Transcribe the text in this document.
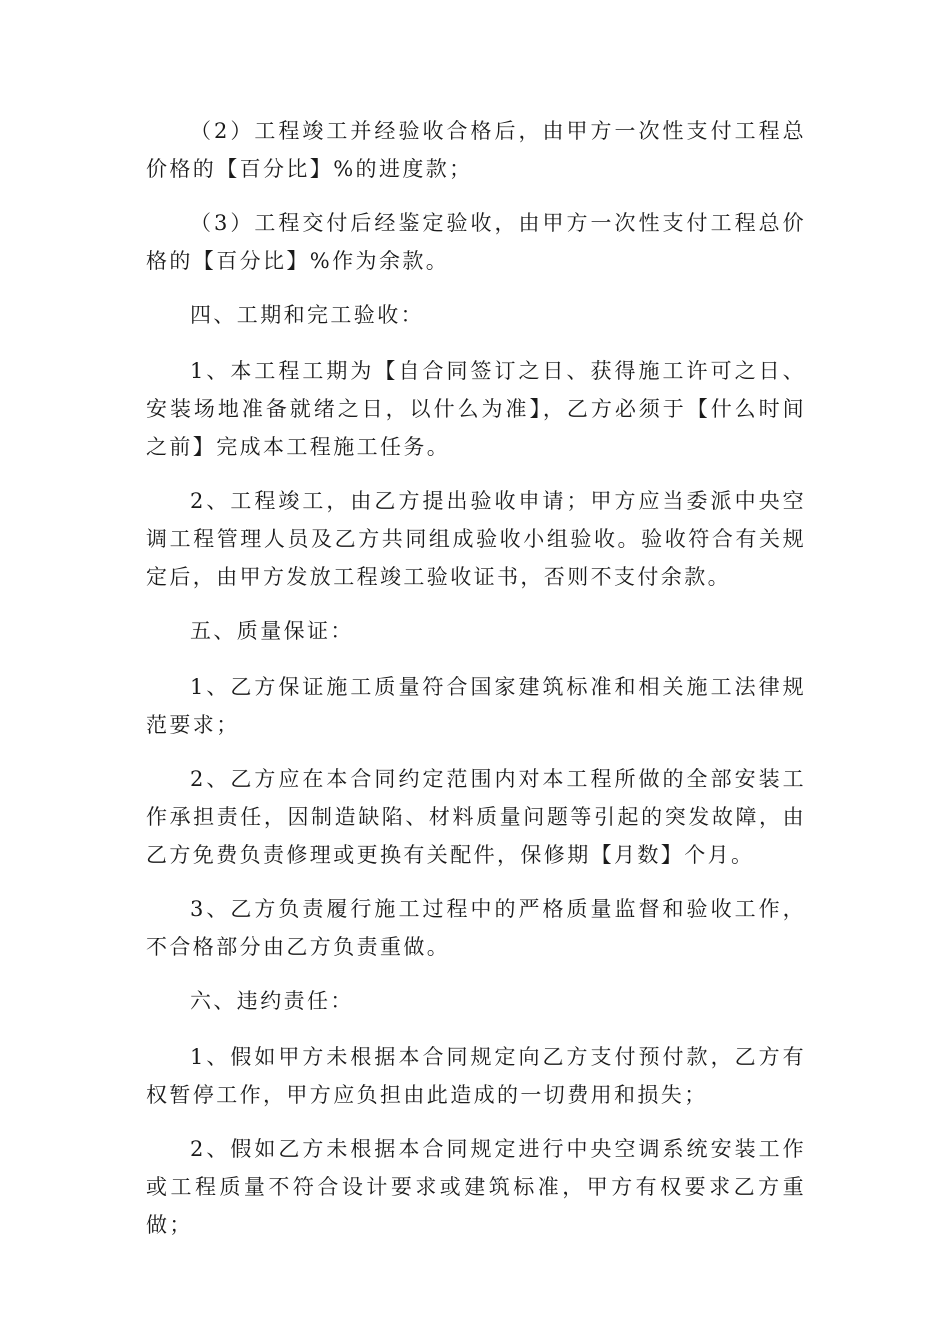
（2）工程竣工并经验收合格后，由甲方一次性支付工程总价格的【百分比】%的进度款；

（3）工程交付后经鉴定验收，由甲方一次性支付工程总价格的【百分比】%作为余款。

四、工期和完工验收：

1、本工程工期为【自合同签订之日、获得施工许可之日、安装场地准备就绪之日，以什么为准】，乙方必须于【什么时间之前】完成本工程施工任务。

2、工程竣工，由乙方提出验收申请；甲方应当委派中央空调工程管理人员及乙方共同组成验收小组验收。验收符合有关规定后，由甲方发放工程竣工验收证书，否则不支付余款。

五、质量保证：

1、乙方保证施工质量符合国家建筑标准和相关施工法律规范要求；

2、乙方应在本合同约定范围内对本工程所做的全部安装工作承担责任，因制造缺陷、材料质量问题等引起的突发故障，由乙方免费负责修理或更换有关配件，保修期【月数】个月。

3、乙方负责履行施工过程中的严格质量监督和验收工作，不合格部分由乙方负责重做。

六、违约责任：

1、假如甲方未根据本合同规定向乙方支付预付款，乙方有权暂停工作，甲方应负担由此造成的一切费用和损失；

2、假如乙方未根据本合同规定进行中央空调系统安装工作或工程质量不符合设计要求或建筑标准，甲方有权要求乙方重做；
